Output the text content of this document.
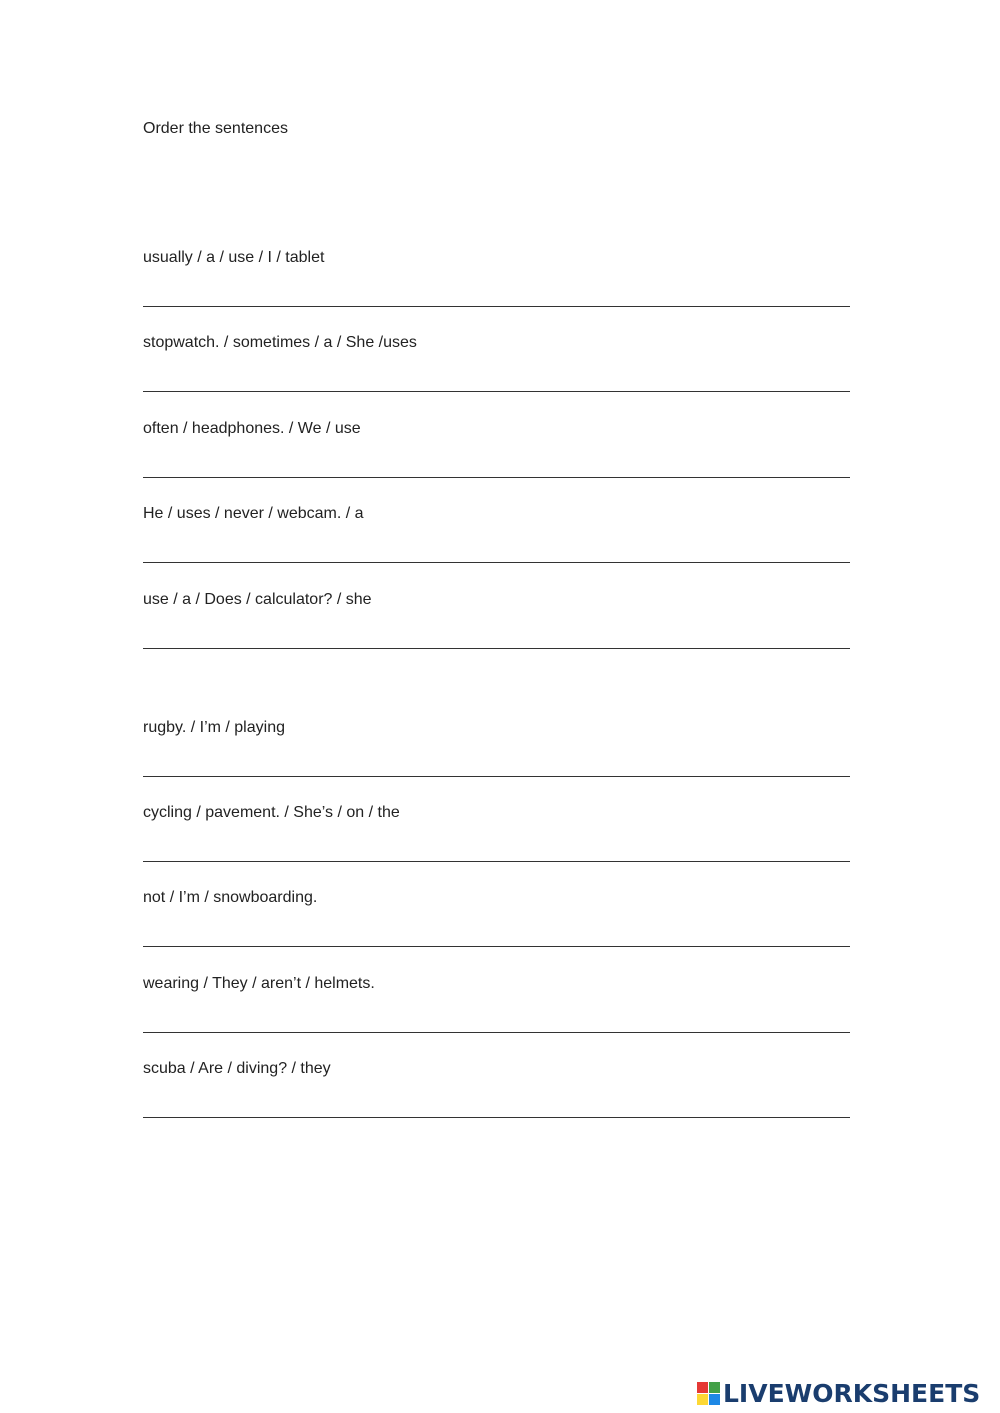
Order the sentences
usually / a / use / I / tablet
stopwatch. / sometimes / a / She /uses
often / headphones. / We / use
He / uses / never / webcam. / a
use / a / Does / calculator? / she
rugby. / I’m / playing
cycling / pavement. / She’s / on / the
not / I’m / snowboarding.
wearing / They / aren’t / helmets.
scuba / Are / diving? / they
LIVEWORKSHEETS
